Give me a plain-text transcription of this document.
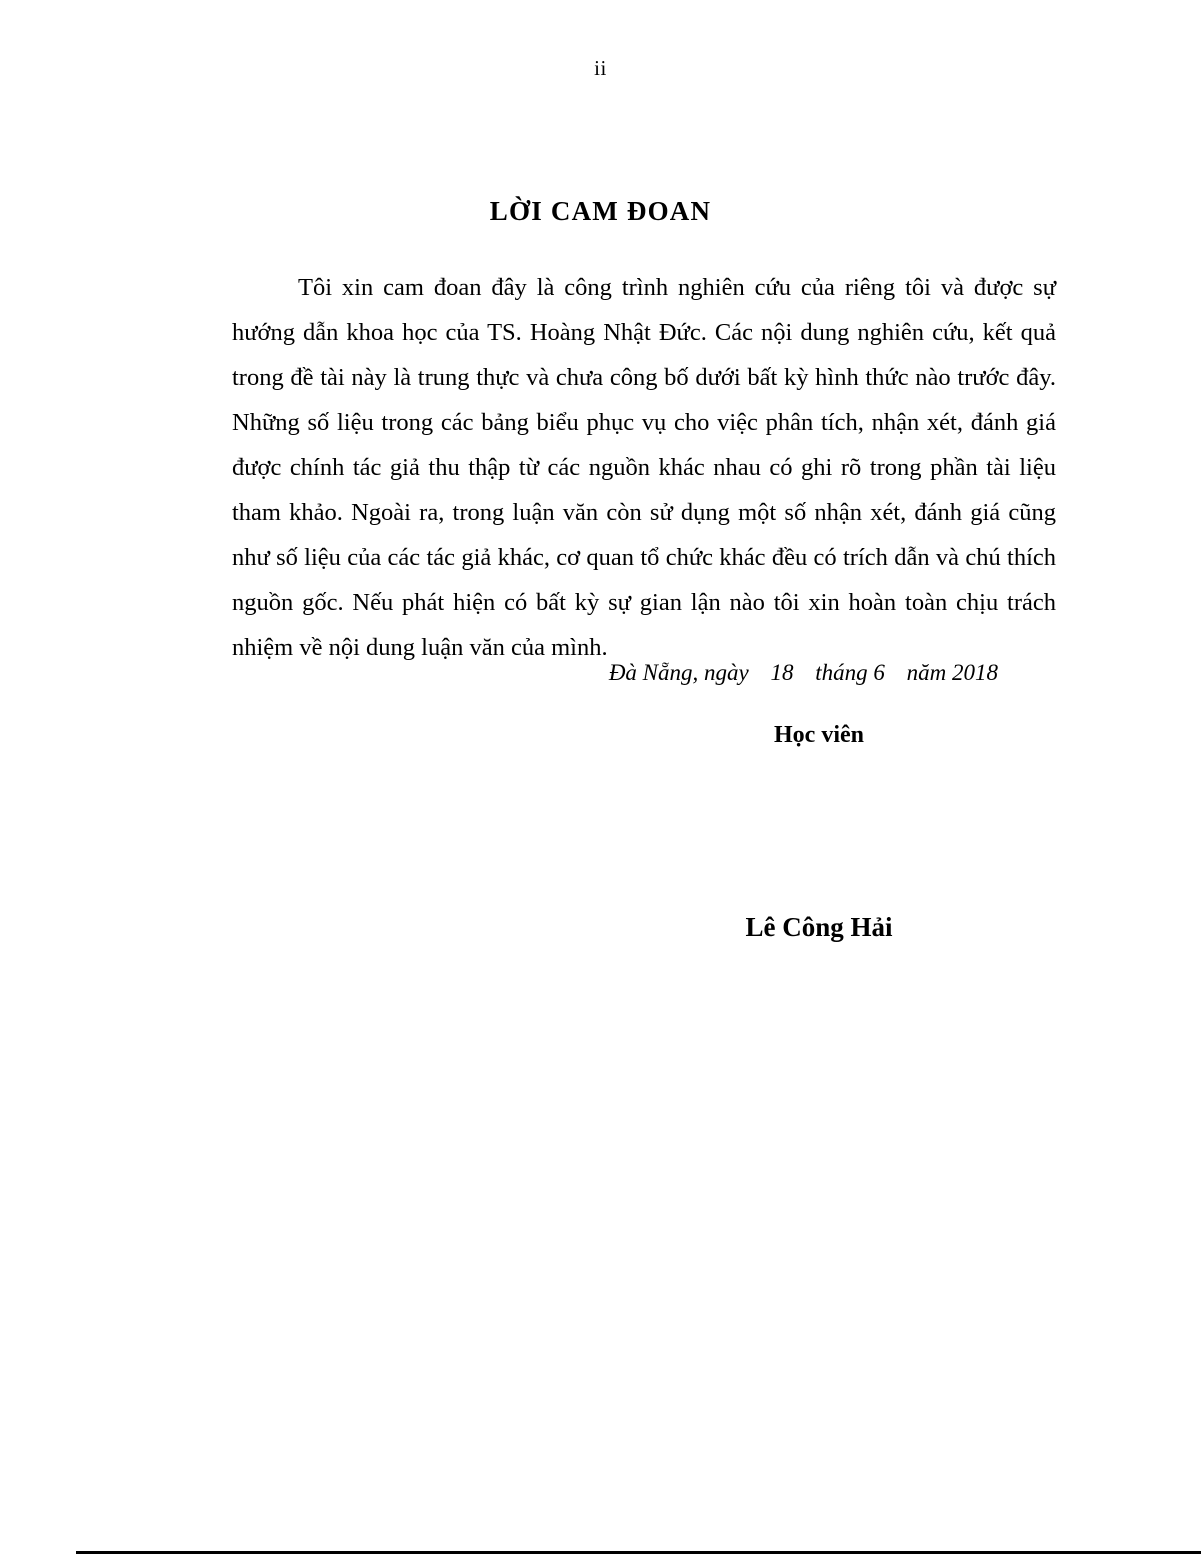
ii
LỜI CAM ĐOAN

Tôi xin cam đoan đây là công trình nghiên cứu của riêng tôi và được sự hướng dẫn khoa học của TS. Hoàng Nhật Đức. Các nội dung nghiên cứu, kết quả trong đề tài này là trung thực và chưa công bố dưới bất kỳ hình thức nào trước đây. Những số liệu trong các bảng biểu phục vụ cho việc phân tích, nhận xét, đánh giá được chính tác giả thu thập từ các nguồn khác nhau có ghi rõ trong phần tài liệu tham khảo. Ngoài ra, trong luận văn còn sử dụng một số nhận xét, đánh giá cũng như số liệu của các tác giả khác, cơ quan tổ chức khác đều có trích dẫn và chú thích nguồn gốc. Nếu phát hiện có bất kỳ sự gian lận nào tôi xin hoàn toàn chịu trách nhiệm về nội dung luận văn của mình.

Đà Nẵng, ngày 18 tháng 6 năm 2018
Học viên
Lê Công Hải
